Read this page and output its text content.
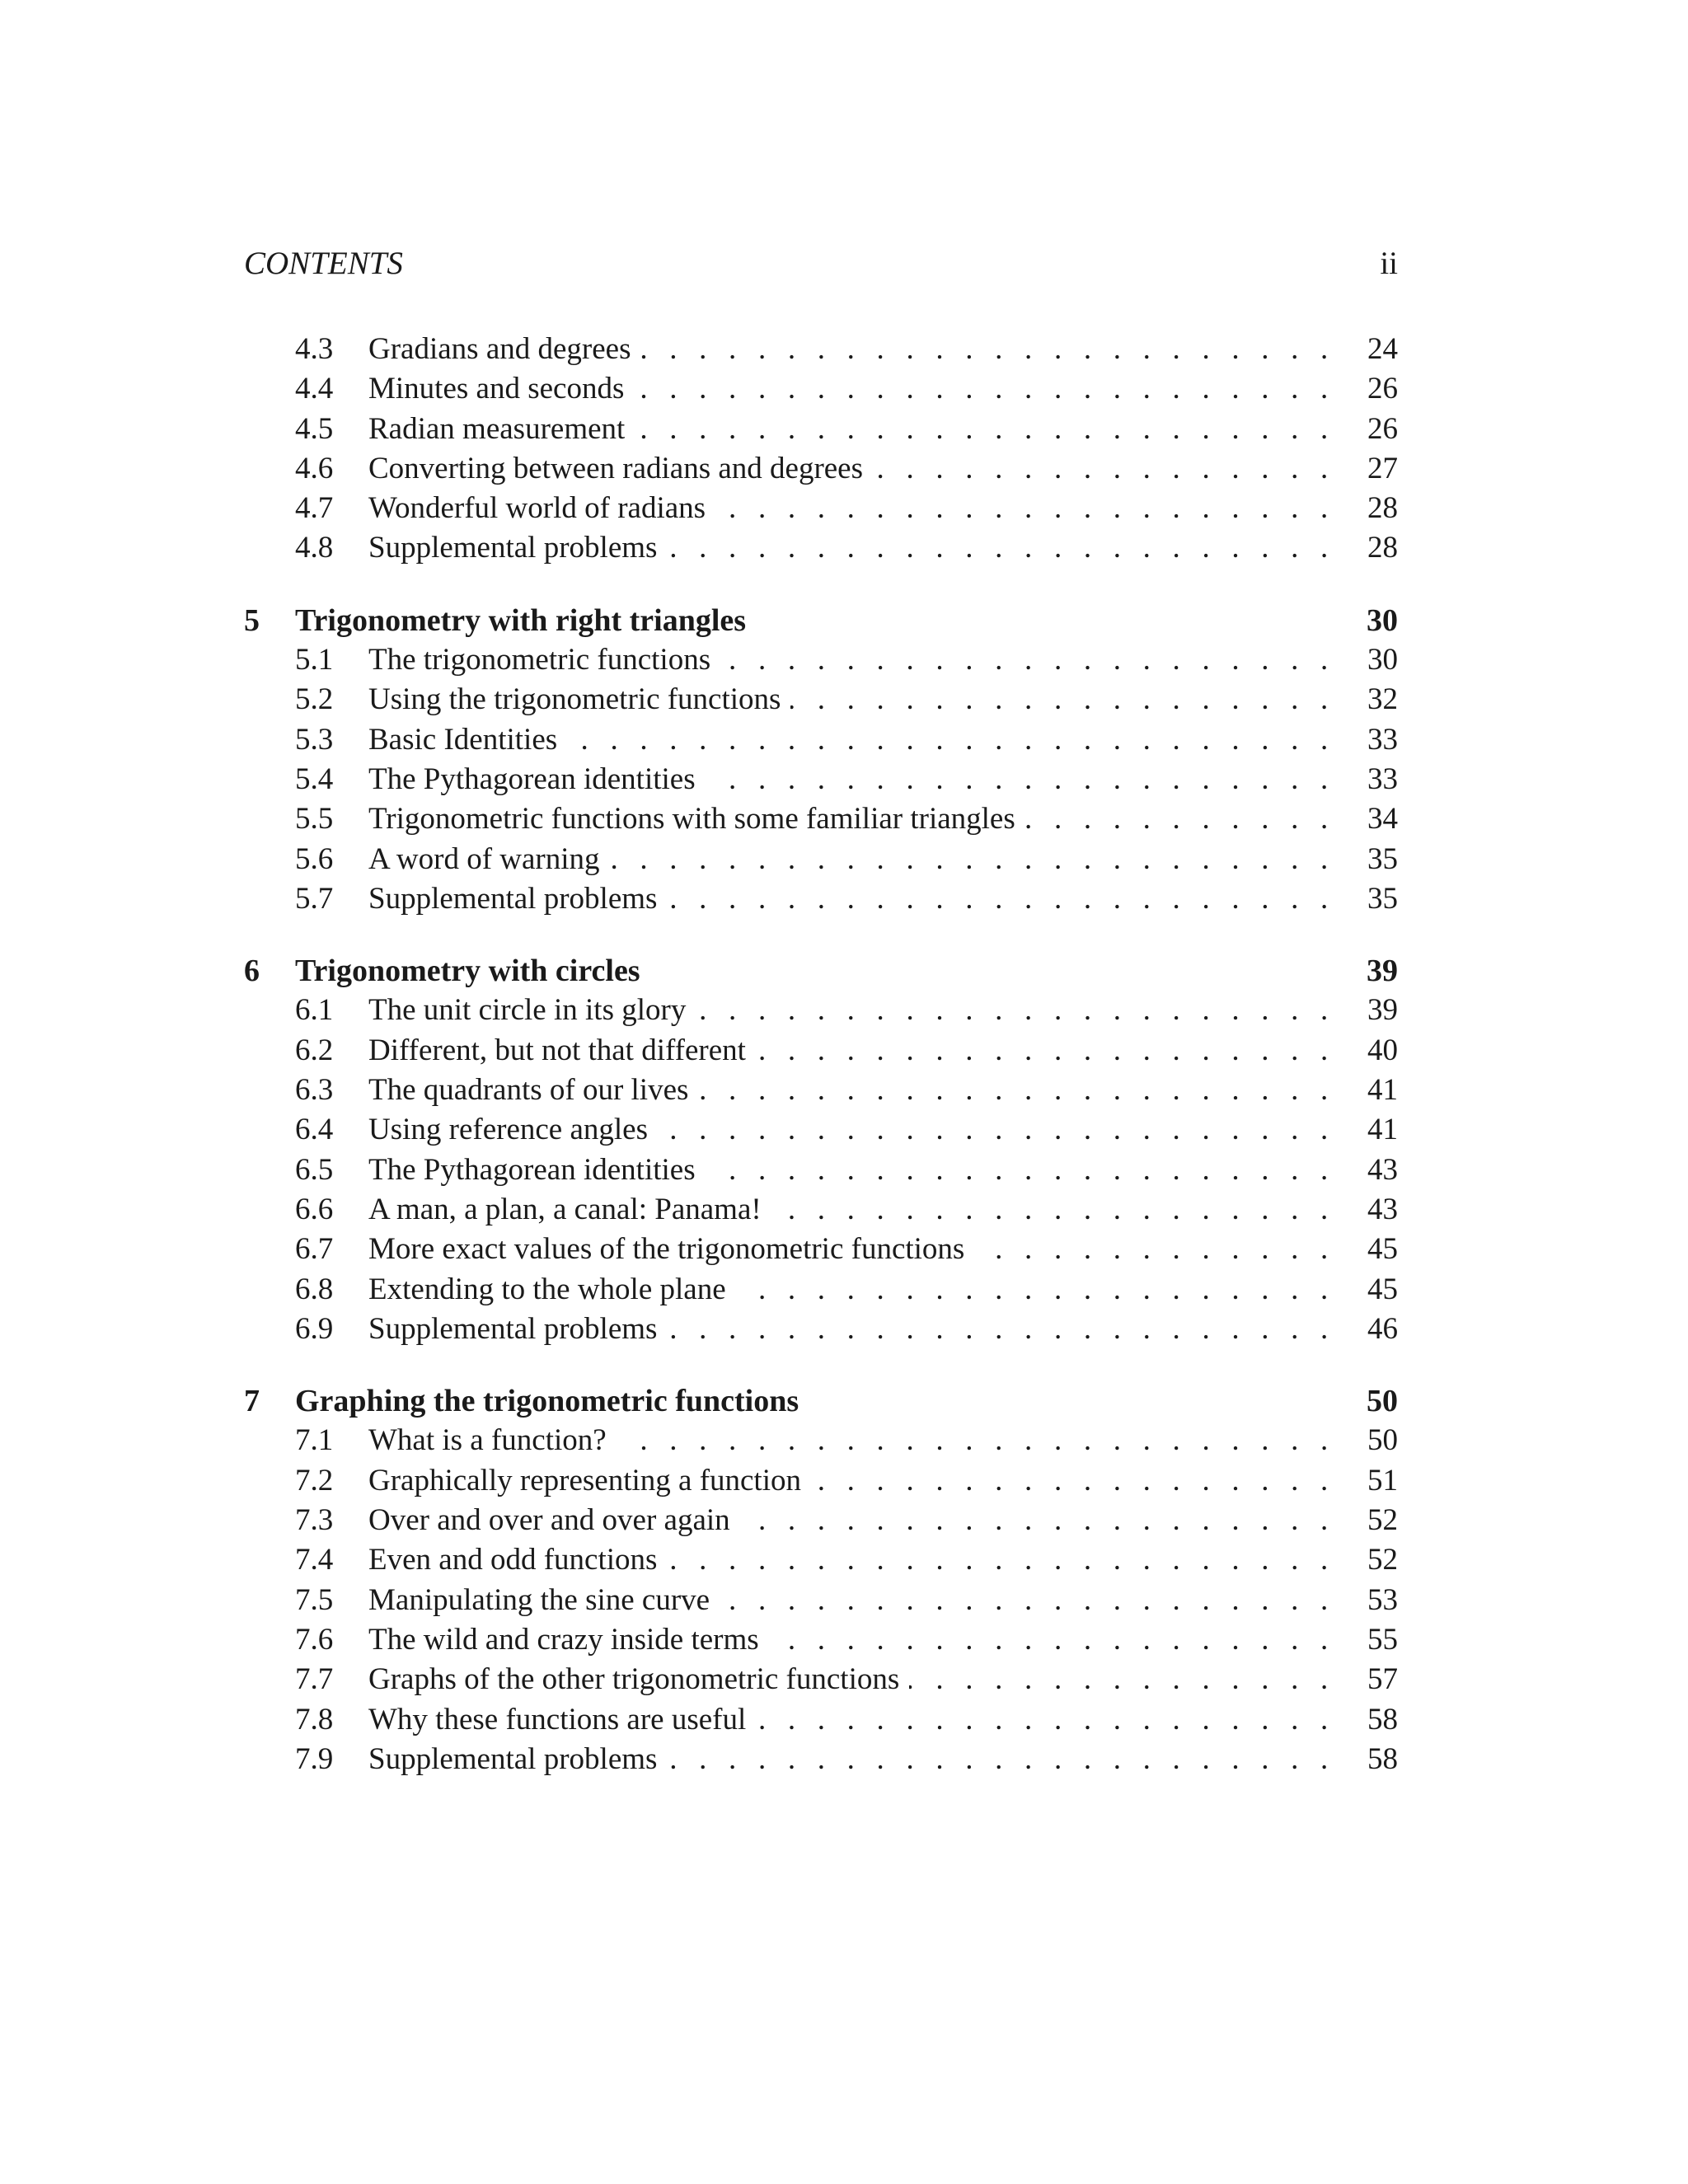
CONTENTS	ii
4.3 . . . Gradians and degrees	24
4.4 . . . Minutes and seconds	26
4.5 . . . Radian measurement	26
4.6 . . . Converting between radians and degrees	27
4.7 . . . Wonderful world of radians	28
4.8 . . . Supplemental problems	28
5 Trigonometry with right triangles	30
5.1 . . . The trigonometric functions	30
5.2 . . . Using the trigonometric functions	32
5.3 . . . Basic Identities	33
5.4 . . . The Pythagorean identities	33
5.5 . . . Trigonometric functions with some familiar triangles	34
5.6 . . . A word of warning	35
5.7 . . . Supplemental problems	35
6 Trigonometry with circles	39
6.1 . . . The unit circle in its glory	39
6.2 . . . Different, but not that different	40
6.3 . . . The quadrants of our lives	41
6.4 . . . Using reference angles	41
6.5 . . . The Pythagorean identities	43
6.6 . . . A man, a plan, a canal: Panama!	43
6.7 . . . More exact values of the trigonometric functions	45
6.8 . . . Extending to the whole plane	45
6.9 . . . Supplemental problems	46
7 Graphing the trigonometric functions	50
7.1 . . . What is a function?	50
7.2 . . . Graphically representing a function	51
7.3 . . . Over and over and over again	52
7.4 . . . Even and odd functions	52
7.5 . . . Manipulating the sine curve	53
7.6 . . . The wild and crazy inside terms	55
7.7 . . . Graphs of the other trigonometric functions	57
7.8 . . . Why these functions are useful	58
7.9 . . . Supplemental problems	58
